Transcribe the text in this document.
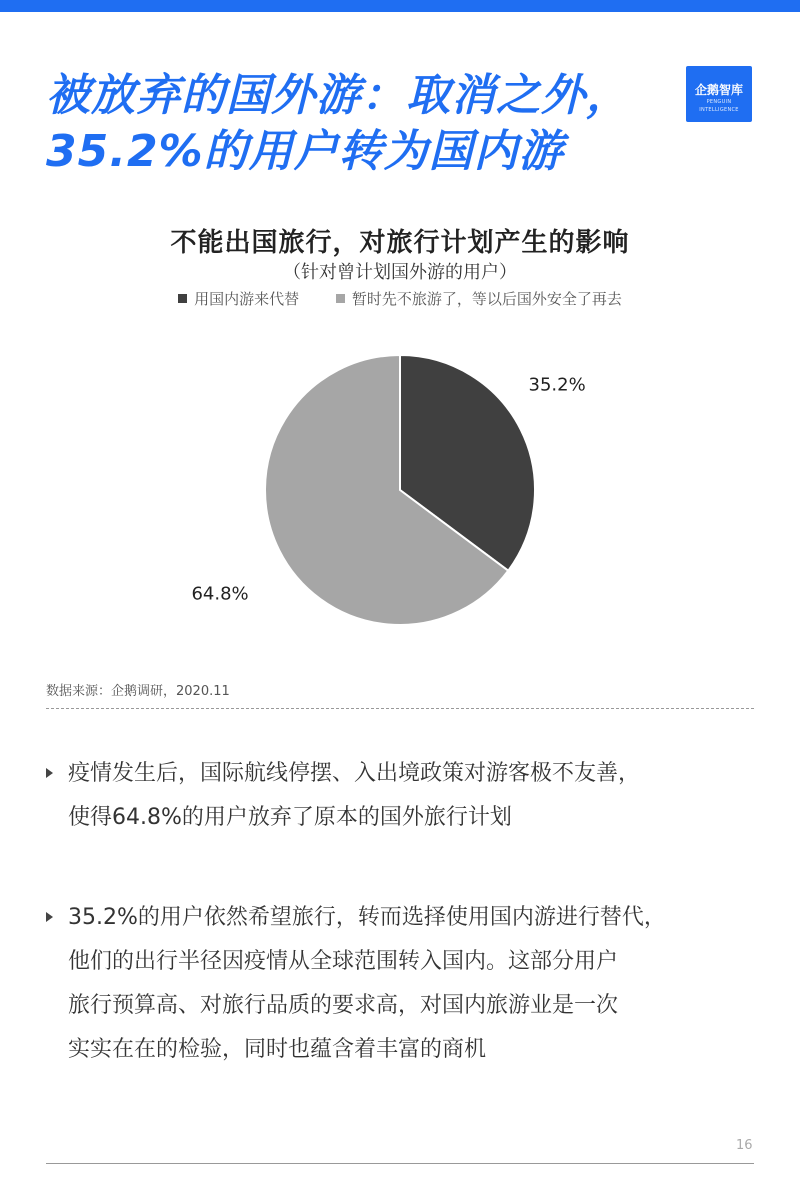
被放弃的国外游：取消之外，
35.2%的用户转为国内游
企鹅智库
PENGUIN INTELLIGENCE
不能出国旅行，对旅行计划产生的影响
（针对曾计划国外游的用户）
用国内游来代替	暂时先不旅游了，等以后国外安全了再去
35.2%
64.8%
数据来源：企鹅调研，2020.11
疫情发生后，国际航线停摆、入出境政策对游客极不友善，
使得64.8%的用户放弃了原本的国外旅行计划
35.2%的用户依然希望旅行，转而选择使用国内游进行替代，
他们的出行半径因疫情从全球范围转入国内。这部分用户
旅行预算高、对旅行品质的要求高，对国内旅游业是一次
实实在在的检验，同时也蕴含着丰富的商机
16
